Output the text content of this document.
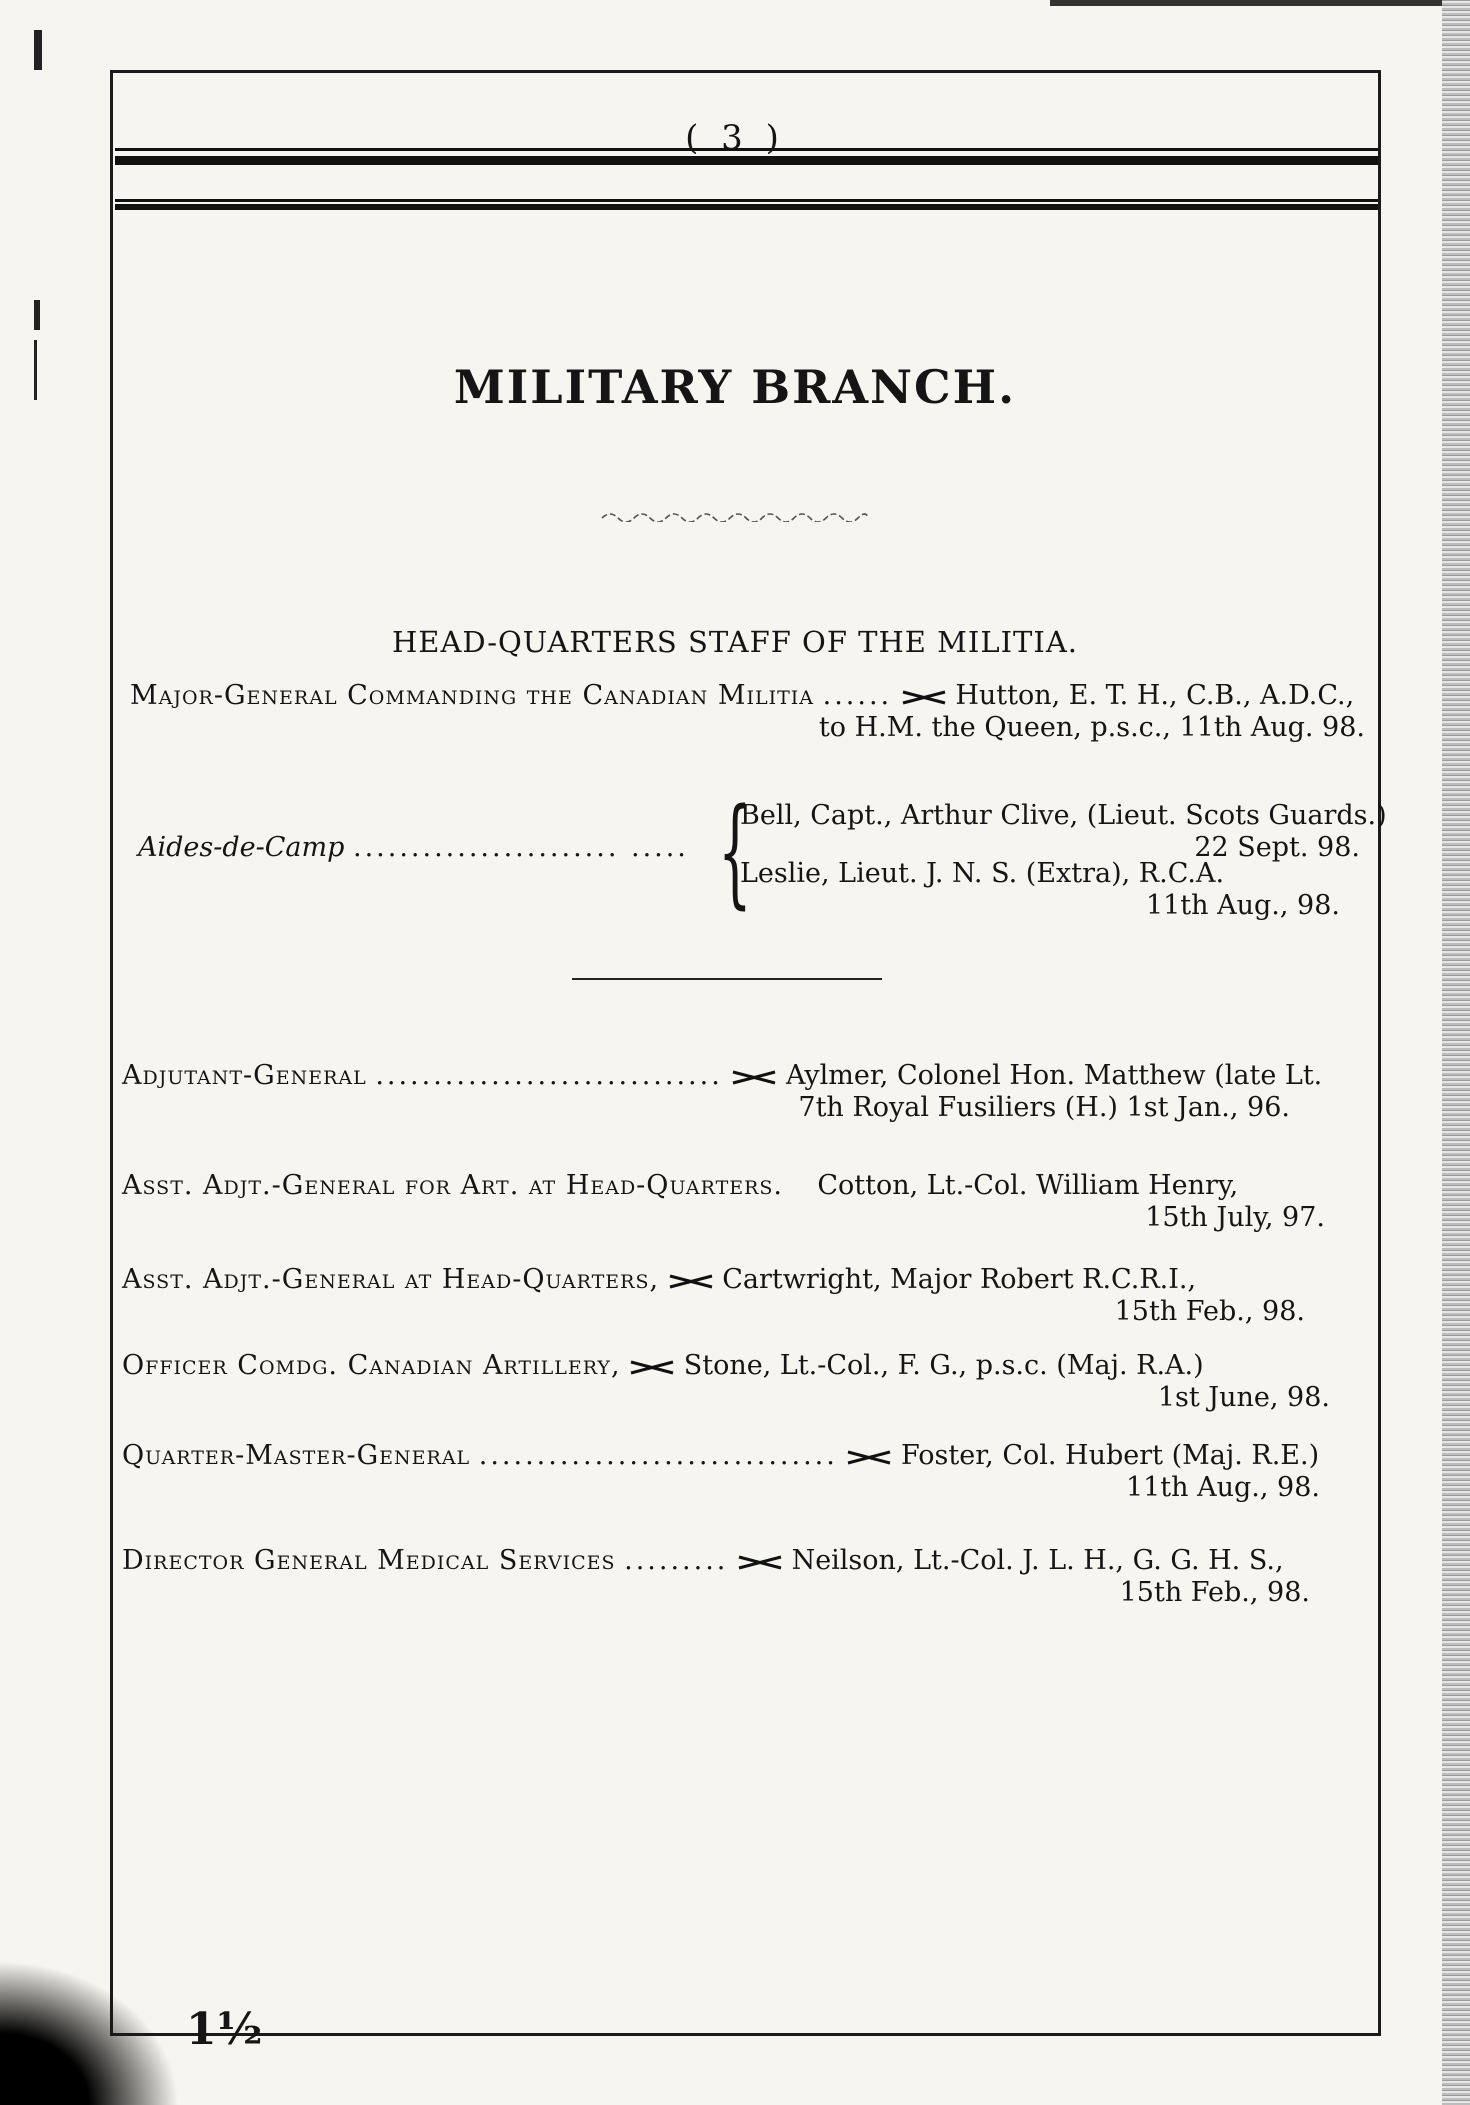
( 3 )
MILITARY BRANCH.
HEAD-QUARTERS STAFF OF THE MILITIA.
Major-General Commanding the Canadian Militia ...... Hutton, E. T. H., C.B., A.D.C.,
to H.M. the Queen, p.s.c., 11th Aug. 98.
Aides-de-Camp ....................... ..... {
Bell, Capt., Arthur Clive, (Lieut. Scots Guards.)
22 Sept. 98.
Leslie, Lieut. J. N. S. (Extra), R.C.A.
11th Aug., 98.
Adjutant-General .............................. Aylmer, Colonel Hon. Matthew (late Lt.
7th Royal Fusiliers (H.) 1st Jan., 96.
Asst. Adjt.-General for Art. at Head-Quarters. Cotton, Lt.-Col. William Henry,
15th July, 97.
Asst. Adjt.-General at Head-Quarters, Cartwright, Major Robert R.C.R.I.,
15th Feb., 98.
Officer Comdg. Canadian Artillery, Stone, Lt.-Col., F. G., p.s.c. (Maj. R.A.)
1st June, 98.
Quarter-Master-General ............................... Foster, Col. Hubert (Maj. R.E.)
11th Aug., 98.
Director General Medical Services ......... Neilson, Lt.-Col. J. L. H., G. G. H. S.,
15th Feb., 98.
1½
